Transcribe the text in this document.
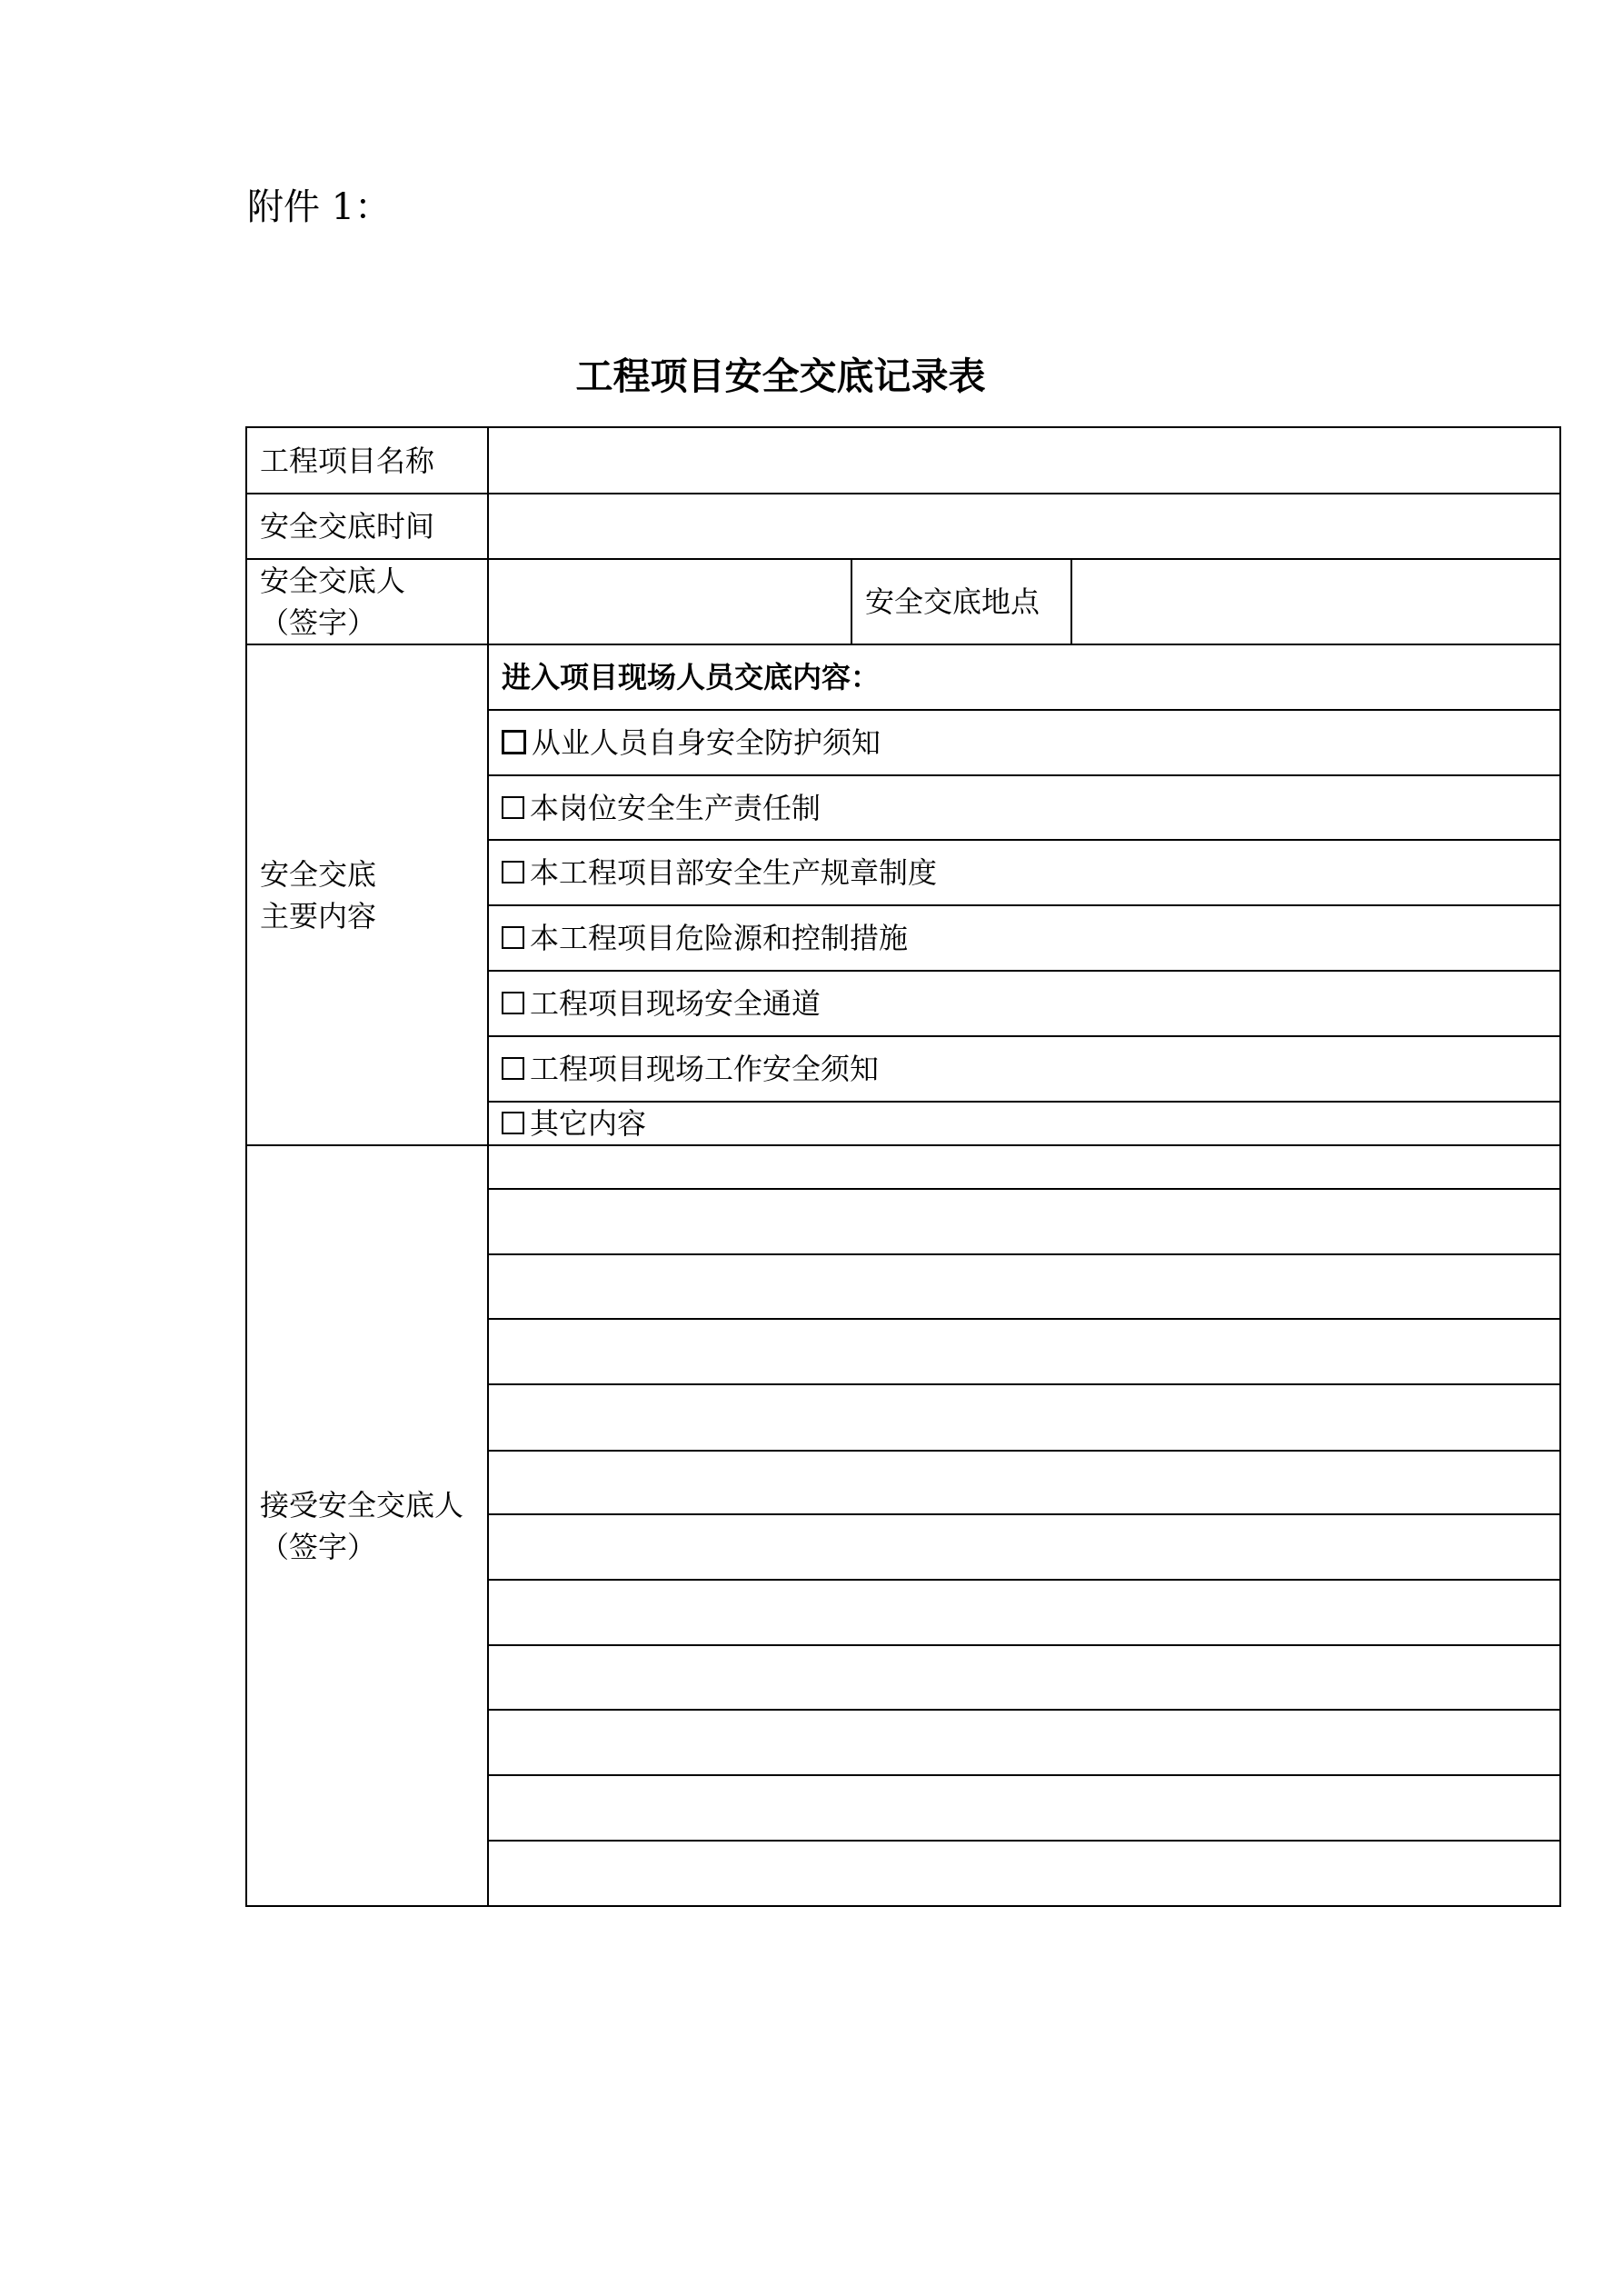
附件 1：
工程项目安全交底记录表
工程项目名称			
安全交底时间			

安全交底人
（签字）		安全交底地点	

安全交底
主要内容	进入项目现场人员交底内容：		
	从业人员自身安全防护须知		
	本岗位安全生产责任制		
	本工程项目部安全生产规章制度		
	本工程项目危险源和控制措施		
	工程项目现场安全通道		
	工程项目现场工作安全须知		
	其它内容		

接受安全交底人
（签字）			
